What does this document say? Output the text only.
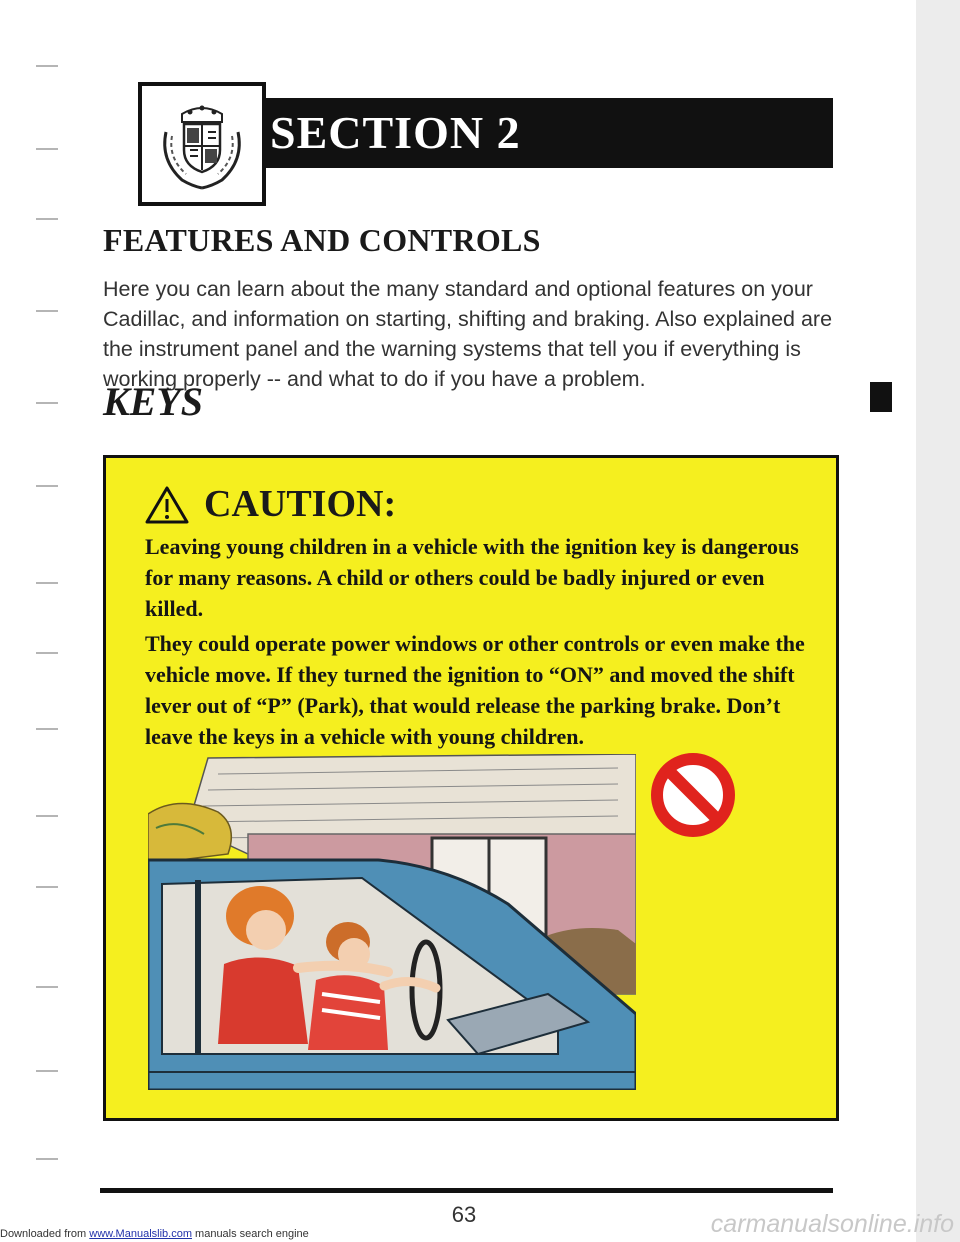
SECTION 2
FEATURES AND CONTROLS

Here you can learn about the many standard and optional features on your Cadillac, and information on starting, shifting and braking. Also explained are the instrument panel and the warning systems that tell you if everything is working properly -- and what to do if you have a problem.

KEYS
CAUTION:

Leaving young children in a vehicle with the ignition key is dangerous for many reasons. A child or others could be badly injured or even killed.

They could operate power windows or other controls or even make the vehicle move. If they turned the ignition to “ON” and moved the shift lever out of “P” (Park), that would release the parking brake. Don’t leave the keys in a vehicle with young children.

63
Downloaded from www.Manualslib.com manuals search engine	carmanualsonline.info
